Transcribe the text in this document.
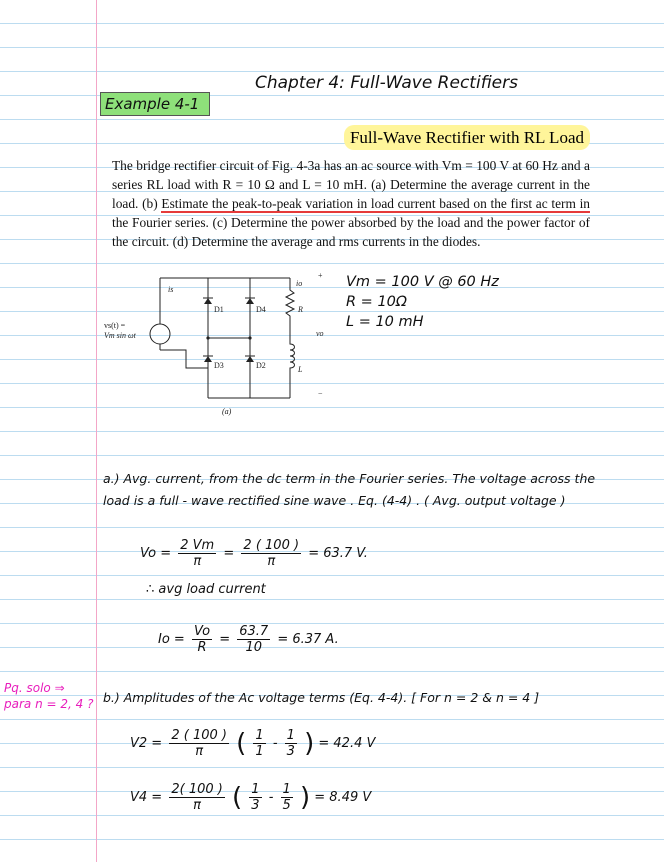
Chapter 4: Full-Wave Rectifiers
Example 4-1
Full-Wave Rectifier with RL Load
The bridge rectifier circuit of Fig. 4-3a has an ac source with Vm = 100 V at 60 Hz and a series RL load with R = 10 Ω and L = 10 mH. (a) Determine the average current in the load. (b) Estimate the peak-to-peak variation in load current based on the first ac term in the Fourier series. (c) Determine the power absorbed by the load and the power factor of the circuit. (d) Determine the average and rms currents in the diodes.
vs(t) =
Vm sin ωt
is
io
D1	D4
D3	D2
R
L
vo
+
−
(a)
Vm = 100 V @ 60 Hz
R = 10Ω
L = 10 mH
a.) Avg. current, from the dc term in the Fourier series. The voltage across the
load is a full - wave rectified sine wave . Eq. (4-4) . ( Avg. output voltage )
$Vo = \frac{2 Vm}{\pi} = \frac{2 ( 100 )}{\pi} = 63.7$ V.
∴ avg load current
$Io = \frac{Vo}{R} = \frac{63.7}{10} = 6.37$ A.
Pq. solo ⇒
para n = 2, 4 ? b.) Amplitudes of the Ac voltage terms (Eq. 4-4). [ For n = 2 & n = 4 ]
$V2 = \frac{2 ( 100 )}{\pi}$ ( $\frac{1}{1} - \frac{1}{3}$ ) = 42.4 V
$V4 = \frac{2( 100 )}{\pi}$ ( $\frac{1}{3} - \frac{1}{5}$ ) = 8.49 V
